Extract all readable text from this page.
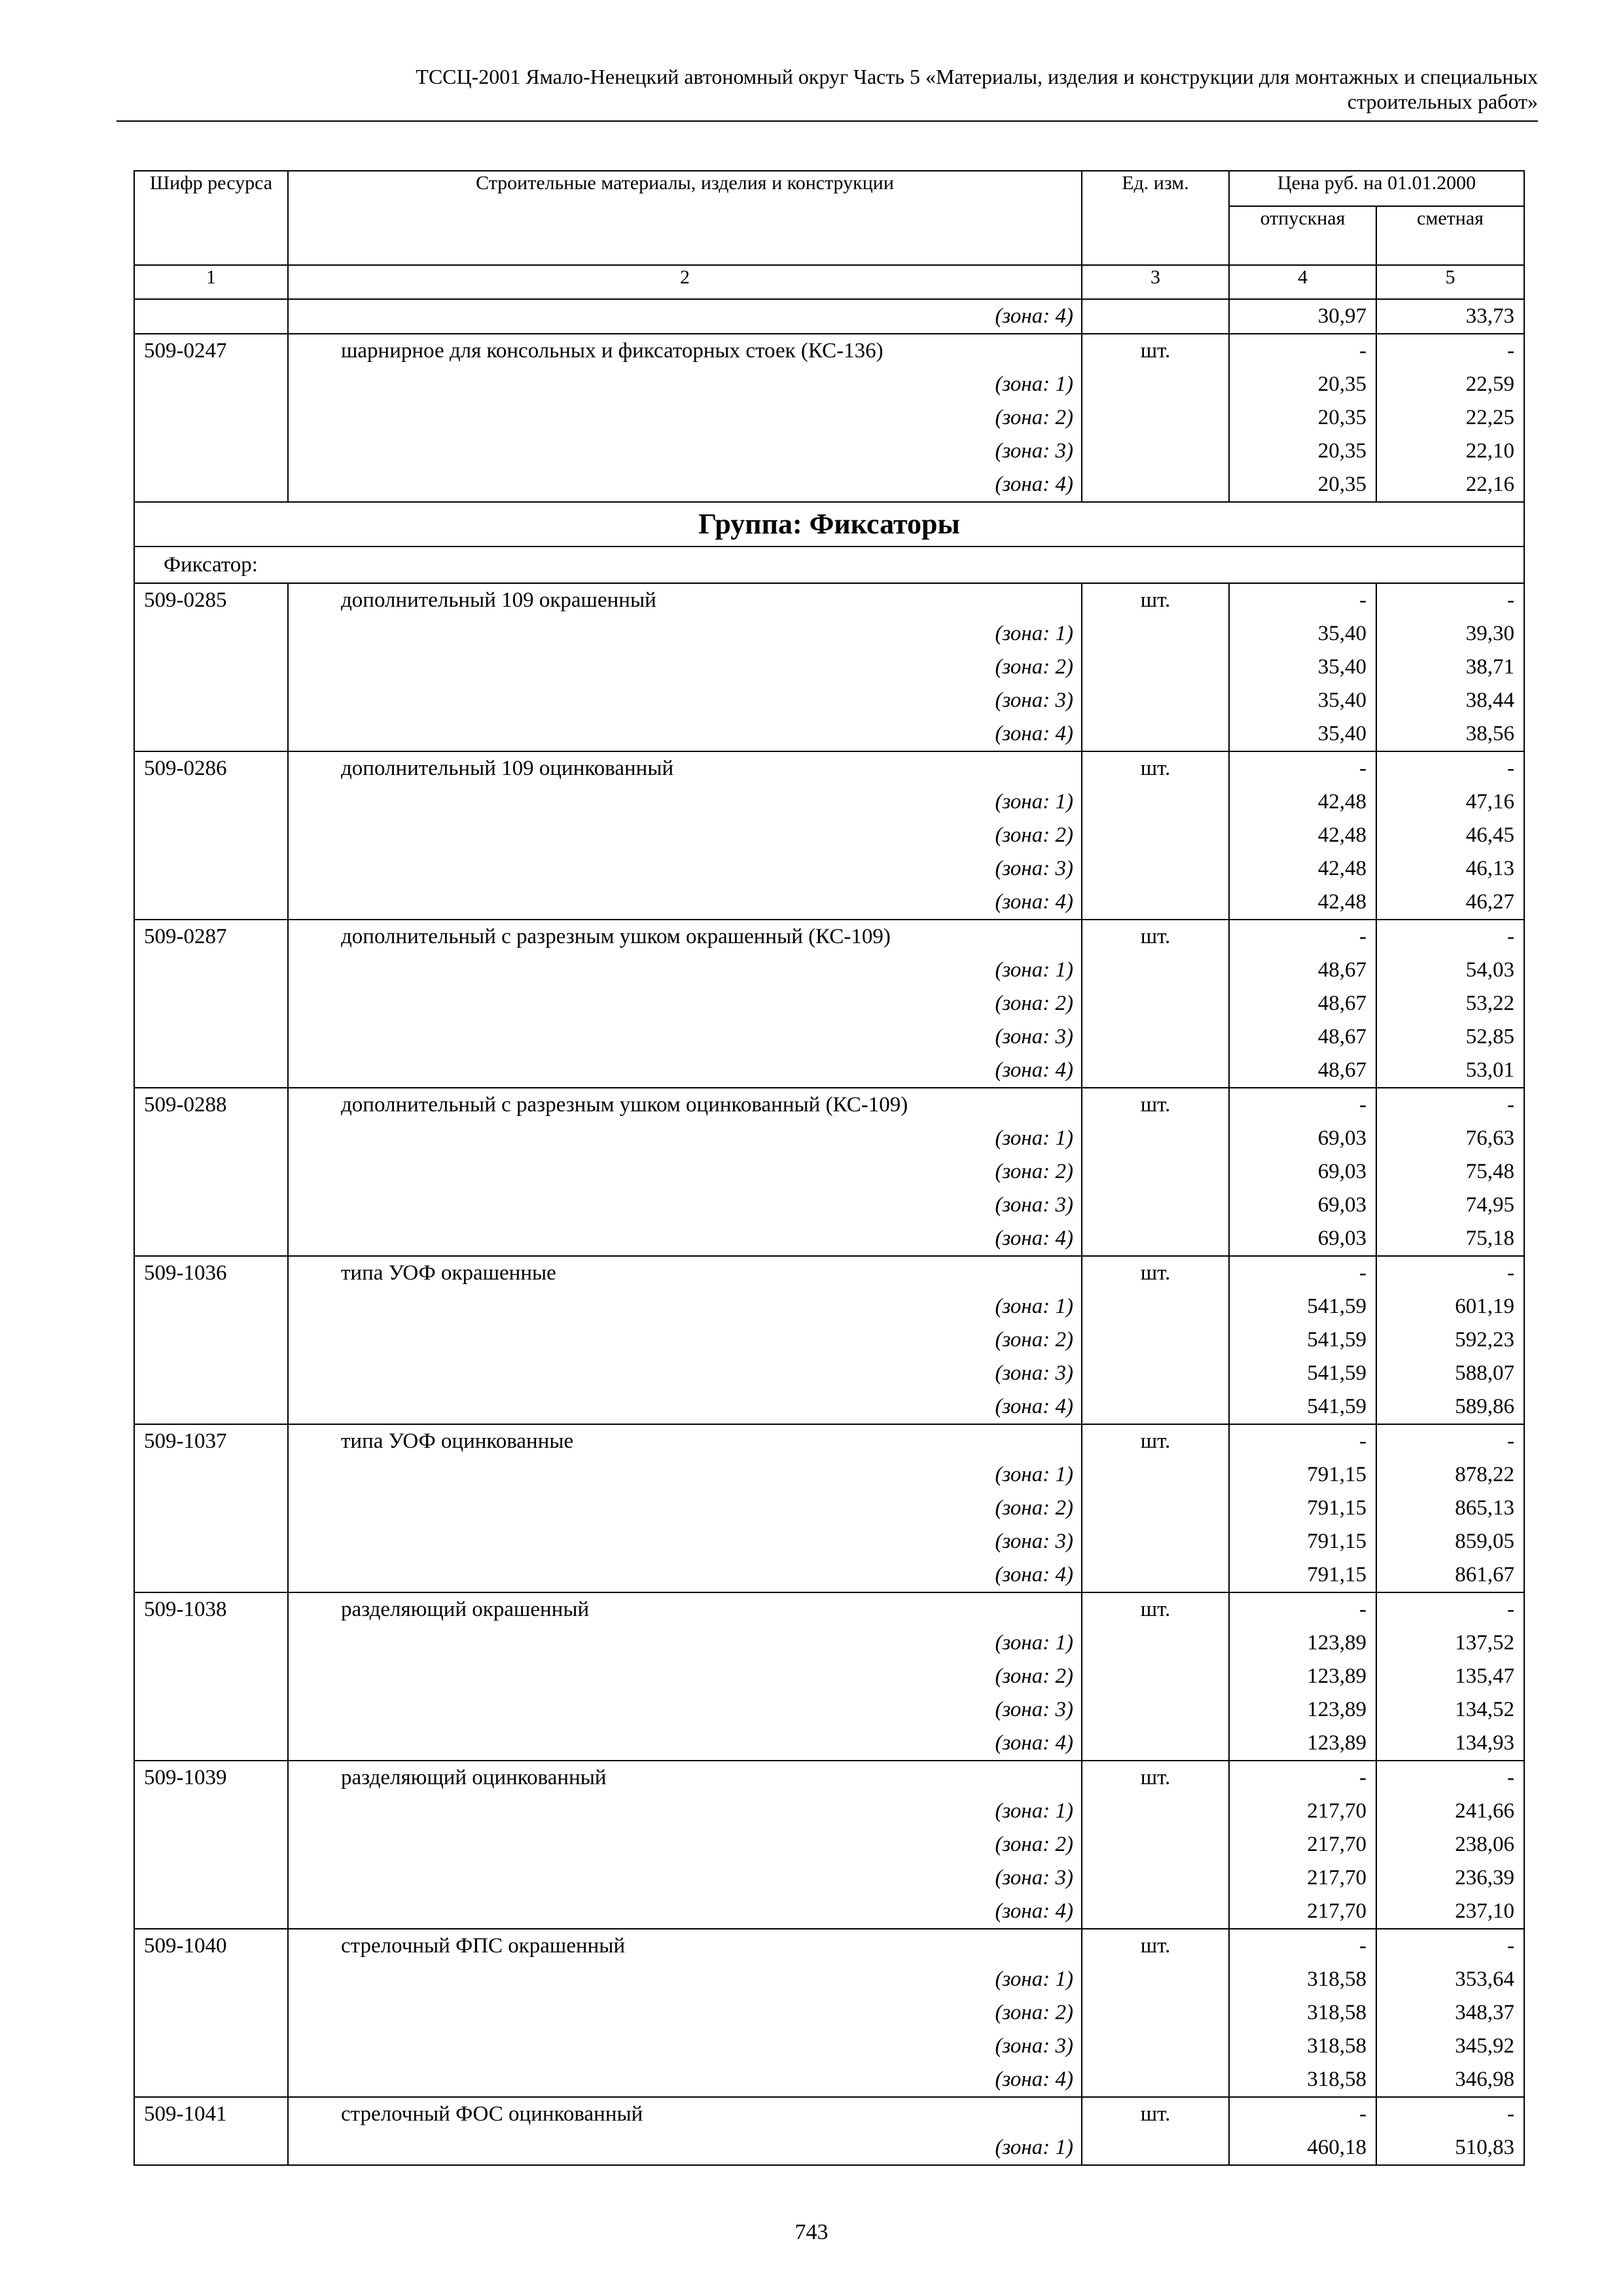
ТССЦ-2001 Ямало-Ненецкий автономный округ Часть 5 «Материалы, изделия и конструкции для монтажных и специальных
строительных работ»
Шифр ресурса	Строительные материалы, изделия и конструкции	Ед. изм.	Цена руб. на 01.01.2000	
			отпускная	сметная
1	2	3	4	5
	(зона: 4)		30,97	33,73
509-0247	шарнирное для консольных и фиксаторных стоек (КС-136)	шт.	-	-
	(зона: 1)		20,35	22,59
	(зона: 2)		20,35	22,25
	(зона: 3)		20,35	22,10
	(зона: 4)		20,35	22,16
Группа: Фиксаторы				
Фиксатор:				
509-0285	дополнительный 109 окрашенный	шт.	-	-
	(зона: 1)		35,40	39,30
	(зона: 2)		35,40	38,71
	(зона: 3)		35,40	38,44
	(зона: 4)		35,40	38,56
509-0286	дополнительный 109 оцинкованный	шт.	-	-
	(зона: 1)		42,48	47,16
	(зона: 2)		42,48	46,45
	(зона: 3)		42,48	46,13
	(зона: 4)		42,48	46,27
509-0287	дополнительный с разрезным ушком окрашенный (КС-109)	шт.	-	-
	(зона: 1)		48,67	54,03
	(зона: 2)		48,67	53,22
	(зона: 3)		48,67	52,85
	(зона: 4)		48,67	53,01
509-0288	дополнительный с разрезным ушком оцинкованный (КС-109)	шт.	-	-
	(зона: 1)		69,03	76,63
	(зона: 2)		69,03	75,48
	(зона: 3)		69,03	74,95
	(зона: 4)		69,03	75,18
509-1036	типа УОФ окрашенные	шт.	-	-
	(зона: 1)		541,59	601,19
	(зона: 2)		541,59	592,23
	(зона: 3)		541,59	588,07
	(зона: 4)		541,59	589,86
509-1037	типа УОФ оцинкованные	шт.	-	-
	(зона: 1)		791,15	878,22
	(зона: 2)		791,15	865,13
	(зона: 3)		791,15	859,05
	(зона: 4)		791,15	861,67
509-1038	разделяющий окрашенный	шт.	-	-
	(зона: 1)		123,89	137,52
	(зона: 2)		123,89	135,47
	(зона: 3)		123,89	134,52
	(зона: 4)		123,89	134,93
509-1039	разделяющий оцинкованный	шт.	-	-
	(зона: 1)		217,70	241,66
	(зона: 2)		217,70	238,06
	(зона: 3)		217,70	236,39
	(зона: 4)		217,70	237,10
509-1040	стрелочный ФПС окрашенный	шт.	-	-
	(зона: 1)		318,58	353,64
	(зона: 2)		318,58	348,37
	(зона: 3)		318,58	345,92
	(зона: 4)		318,58	346,98
509-1041	стрелочный ФОС оцинкованный	шт.	-	-
	(зона: 1)		460,18	510,83
743
